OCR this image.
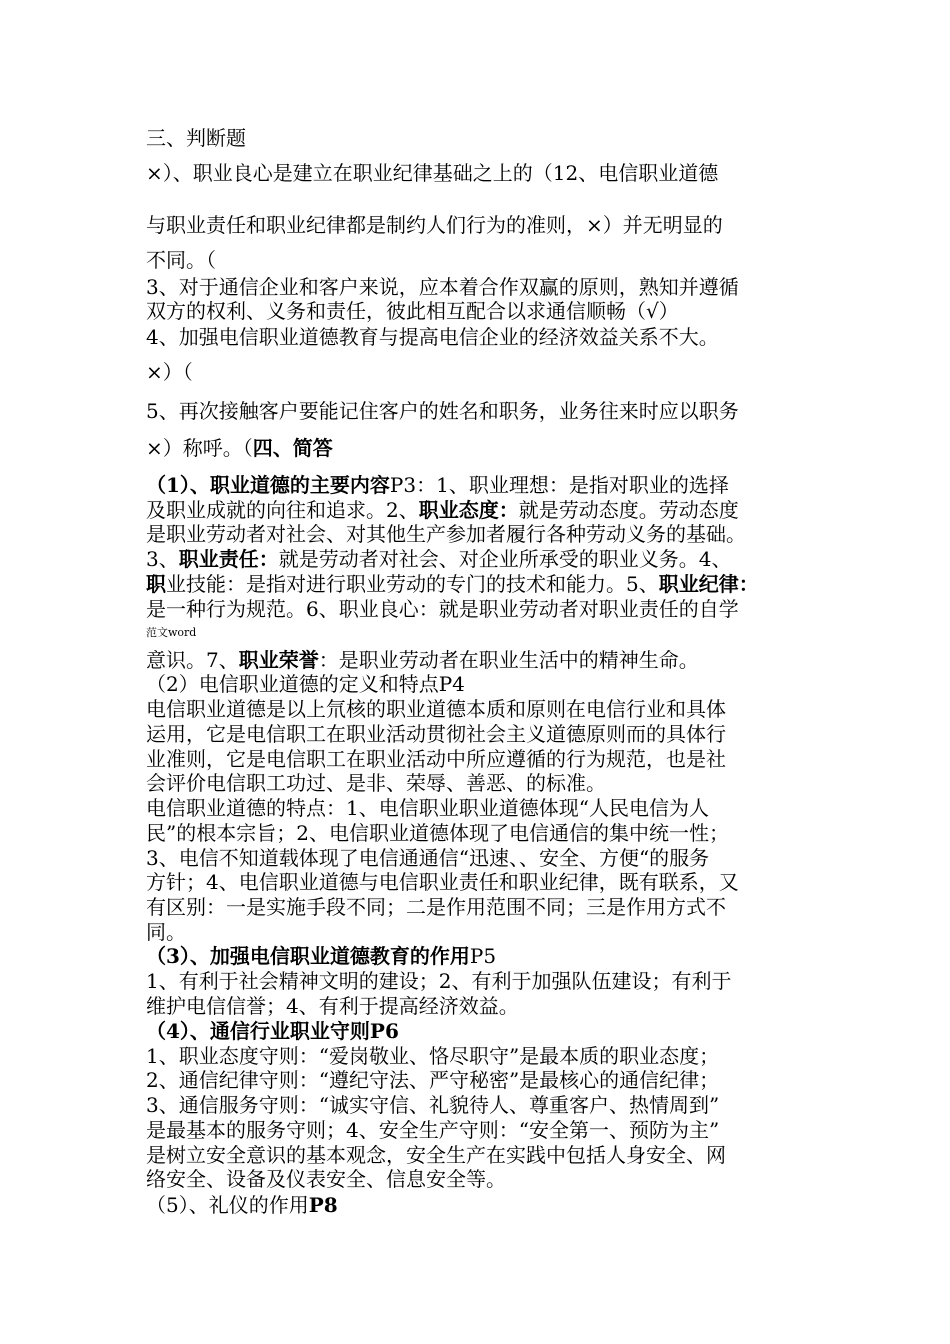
三、判断题
×）、职业良心是建立在职业纪律基础之上的（12、电信职业道德
与职业责任和职业纪律都是制约人们行为的准则，×）并无明显的
不同。（
3、对于通信企业和客户来说，应本着合作双赢的原则，熟知并遵循
双方的权利、义务和责任，彼此相互配合以求通信顺畅（√）
4、加强电信职业道德教育与提高电信企业的经济效益关系不大。
×）（
5、再次接触客户要能记住客户的姓名和职务，业务往来时应以职务
×）称呼。（四、简答
（1）、职业道德的主要内容P3：1、职业理想：是指对职业的选择
及职业成就的向往和追求。2、职业态度：就是劳动态度。劳动态度
是职业劳动者对社会、对其他生产参加者履行各种劳动义务的基础。
3、职业责任：就是劳动者对社会、对企业所承受的职业义务。4、
职业技能：是指对进行职业劳动的专门的技术和能力。5、职业纪律：
是一种行为规范。6、职业良心：就是职业劳动者对职业责任的自学
范文word
意识。7、职业荣誉：是职业劳动者在职业生活中的精神生命。
（2）电信职业道德的定义和特点P4
电信职业道德是以上氘核的职业道德本质和原则在电信行业和具体
运用，它是电信职工在职业活动贯彻社会主义道德原则而的具体行
业准则，它是电信职工在职业活动中所应遵循的行为规范，也是社
会评价电信职工功过、是非、荣辱、善恶、的标准。
电信职业道德的特点：1、电信职业职业道德体现“人民电信为人
民”的根本宗旨；2、电信职业道德体现了电信通信的集中统一性；
3、电信不知道载体现了电信通通信“迅速、、安全、方便“的服务
方针；4、电信职业道德与电信职业责任和职业纪律，既有联系，又
有区别：一是实施手段不同；二是作用范围不同；三是作用方式不
同。
（3）、加强电信职业道德教育的作用P5
1、有利于社会精神文明的建设；2、有利于加强队伍建设；有利于
维护电信信誉；4、有利于提高经济效益。
（4）、通信行业职业守则P6
1、职业态度守则：“爱岗敬业、恪尽职守”是最本质的职业态度；
2、通信纪律守则：“遵纪守法、严守秘密”是最核心的通信纪律；
3、通信服务守则：“诚实守信、礼貌待人、尊重客户、热情周到”
是最基本的服务守则；4、安全生产守则：“安全第一、预防为主”
是树立安全意识的基本观念，安全生产在实践中包括人身安全、网
络安全、设备及仪表安全、信息安全等。
（5）、礼仪的作用P8
